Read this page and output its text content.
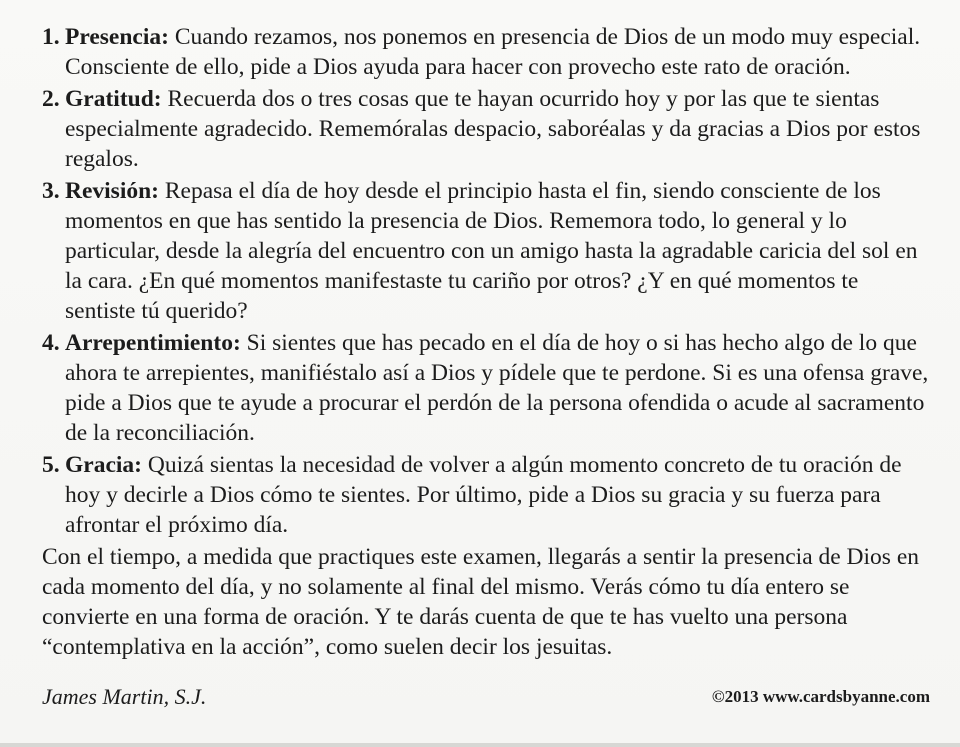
1. Presencia: Cuando rezamos, nos ponemos en presencia de Dios de un modo muy especial. Consciente de ello, pide a Dios ayuda para hacer con provecho este rato de oración.
2. Gratitud: Recuerda dos o tres cosas que te hayan ocurrido hoy y por las que te sientas especialmente agradecido. Rememóralas despacio, saboréalas y da gracias a Dios por estos regalos.
3. Revisión: Repasa el día de hoy desde el principio hasta el fin, siendo consciente de los momentos en que has sentido la presencia de Dios. Rememora todo, lo general y lo particular, desde la alegría del encuentro con un amigo hasta la agradable caricia del sol en la cara. ¿En qué momentos manifestaste tu cariño por otros? ¿Y en qué momentos te sentiste tú querido?
4. Arrepentimiento: Si sientes que has pecado en el día de hoy o si has hecho algo de lo que ahora te arrepientes, manifiéstalo así a Dios y pídele que te perdone. Si es una ofensa grave, pide a Dios que te ayude a procurar el perdón de la persona ofendida o acude al sacramento de la reconciliación.
5. Gracia: Quizá sientas la necesidad de volver a algún momento concreto de tu oración de hoy y decirle a Dios cómo te sientes. Por último, pide a Dios su gracia y su fuerza para afrontar el próximo día.

Con el tiempo, a medida que practiques este examen, llegarás a sentir la presencia de Dios en cada momento del día, y no solamente al final del mismo. Verás cómo tu día entero se convierte en una forma de oración. Y te darás cuenta de que te has vuelto una persona “contemplativa en la acción”, como suelen decir los jesuitas.

James Martin, S.J.	©2013 www.cardsbyanne.com
